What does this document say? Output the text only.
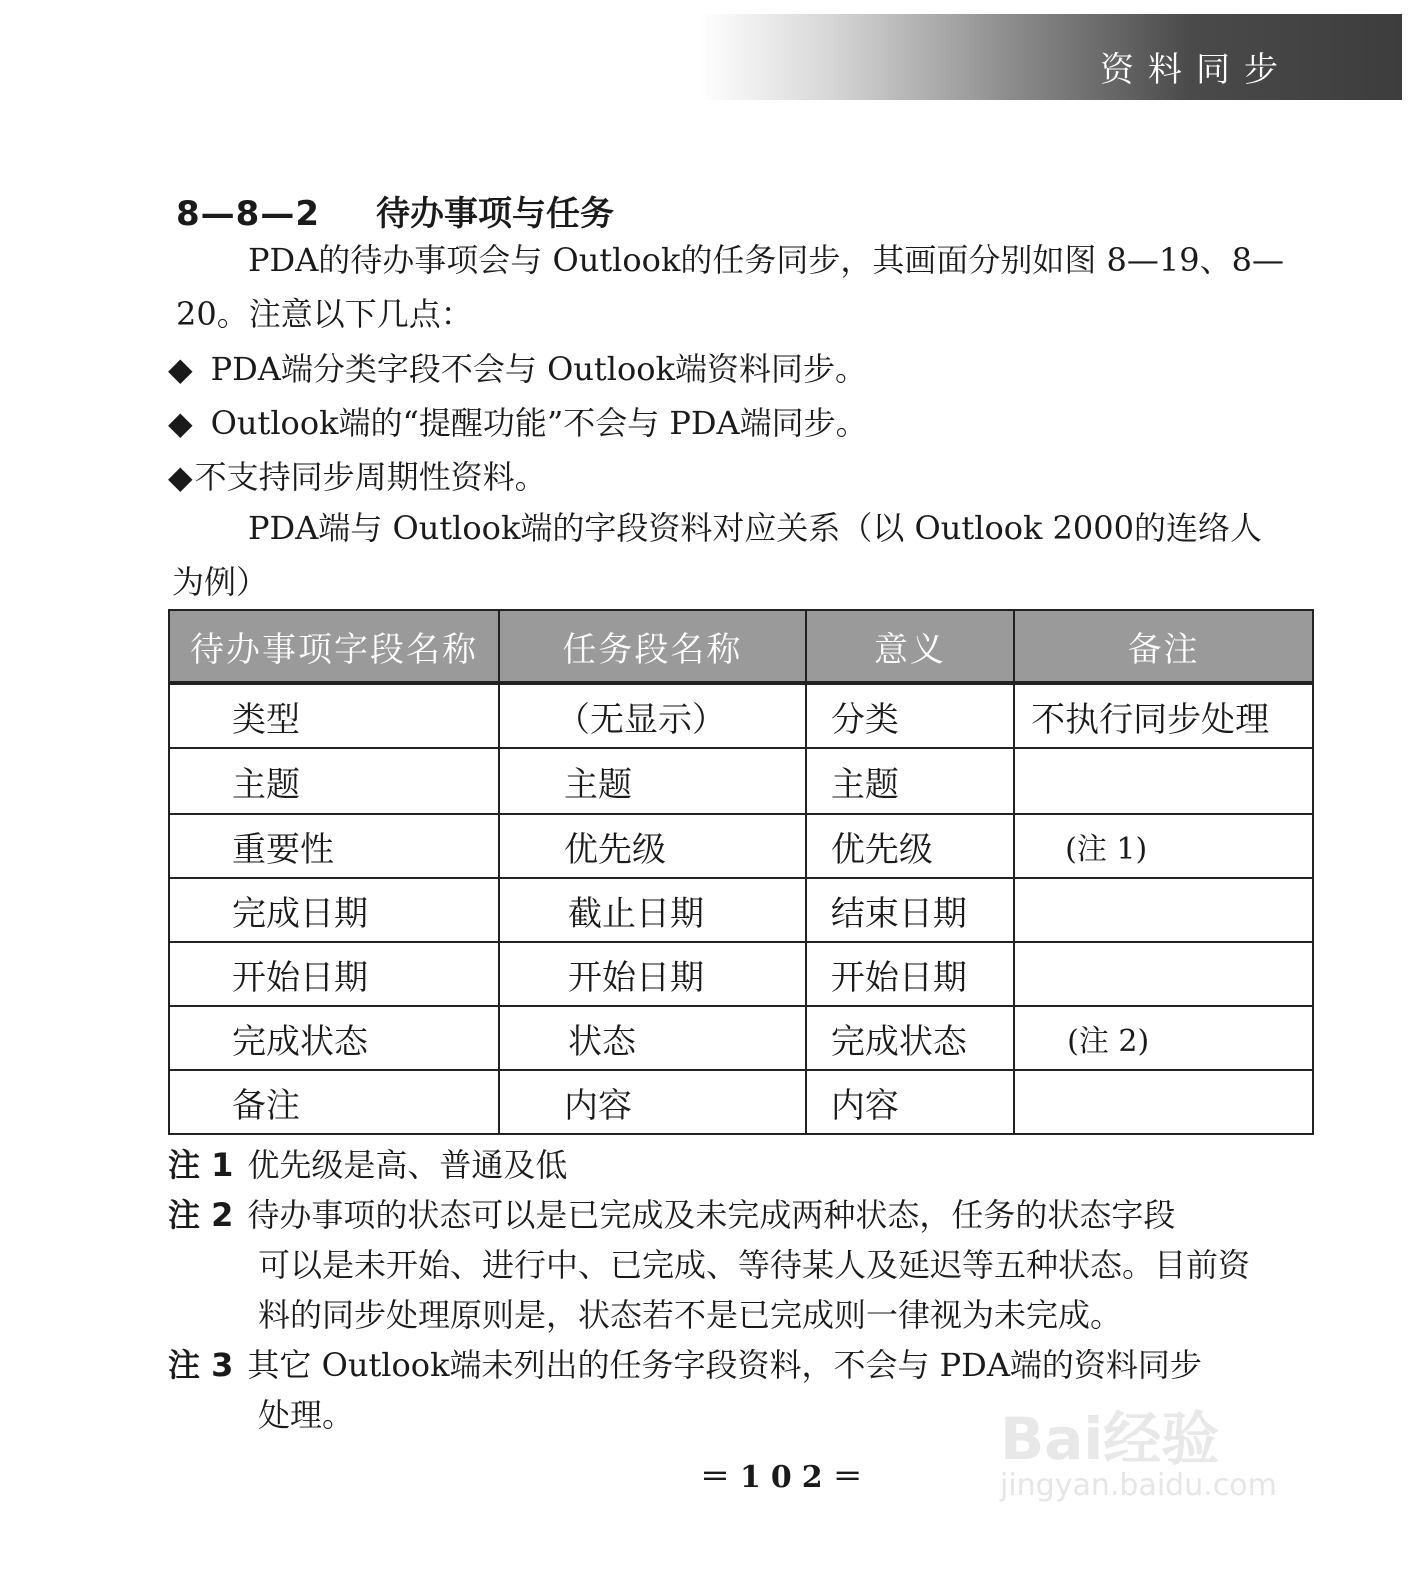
资料同步
8—8—2 待办事项与任务
PDA的待办事项会与 Outlook的任务同步，其画面分别如图 8—19、8—
20。注意以下几点：
◆ PDA端分类字段不会与 Outlook端资料同步。
◆ Outlook端的“提醒功能”不会与 PDA端同步。
◆不支持同步周期性资料。
PDA端与 Outlook端的字段资料对应关系（以 Outlook 2000的连络人
为例）
待办事项字段名称	任务段名称	意义	备注
类型	（无显示）	分类	不执行同步处理
主题	主题	主题	
重要性	优先级	优先级	(注 1)
完成日期	截止日期	结束日期	
开始日期	开始日期	开始日期	
完成状态	状态	完成状态	(注 2)
备注	内容	内容	
注 1 优先级是高、普通及低
注 2 待办事项的状态可以是已完成及未完成两种状态，任务的状态字段
可以是未开始、进行中、已完成、等待某人及延迟等五种状态。目前资
料的同步处理原则是，状态若不是已完成则一律视为未完成。
注 3 其它 Outlook端未列出的任务字段资料，不会与 PDA端的资料同步
处理。
＝102＝
Bai经验
jingyan.baidu.com
